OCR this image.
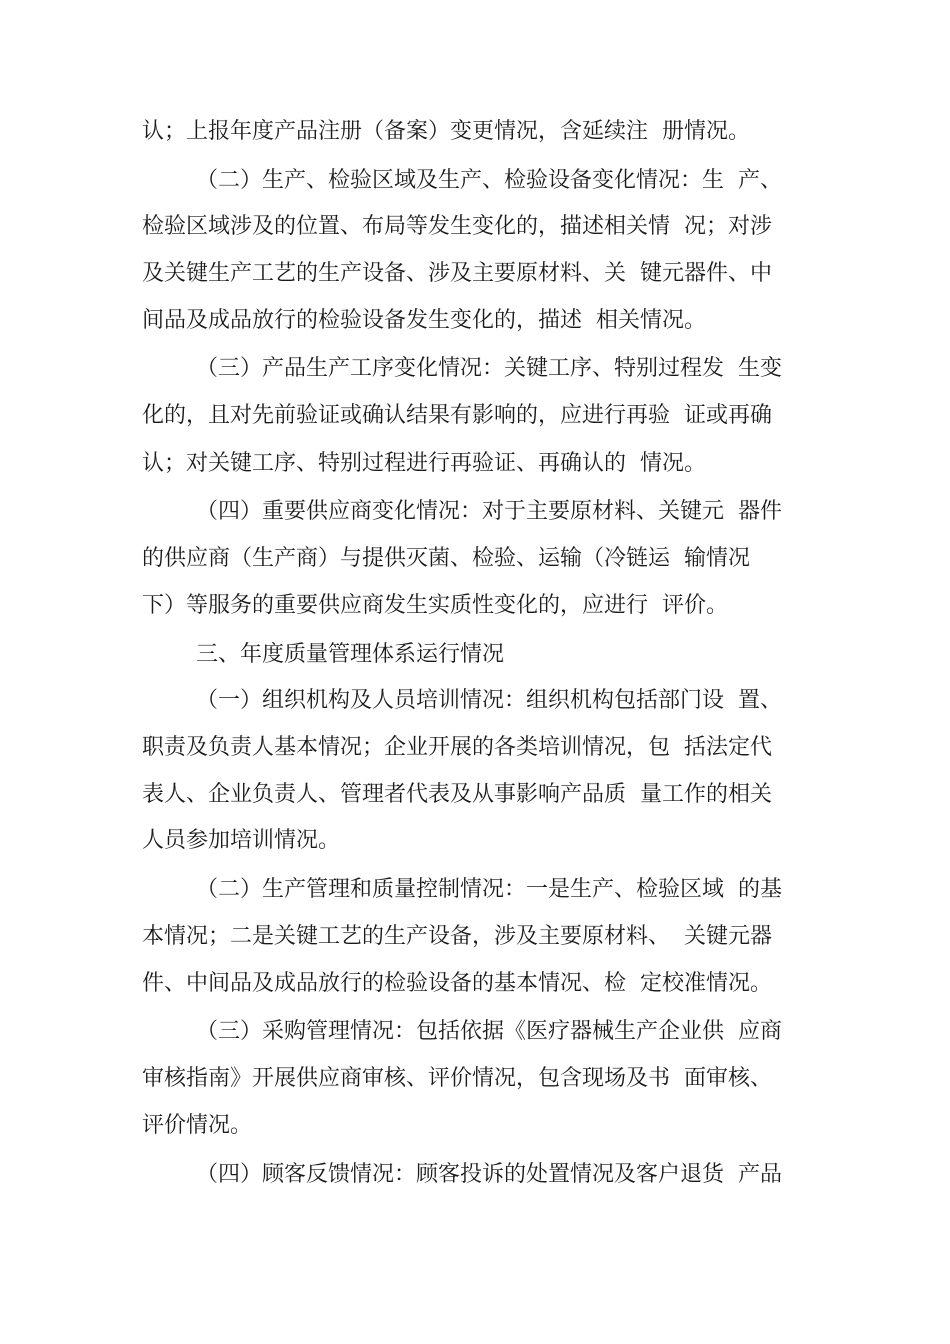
认；上报年度产品注册（备案）变更情况，含延续注  册情况。
（二）生产、检验区域及生产、检验设备变化情况：生  产、
检验区域涉及的位置、布局等发生变化的，描述相关情  况；对涉
及关键生产工艺的生产设备、涉及主要原材料、关  键元器件、中
间品及成品放行的检验设备发生变化的，描述  相关情况。
（三）产品生产工序变化情况：关键工序、特别过程发  生变
化的，且对先前验证或确认结果有影响的，应进行再验  证或再确
认；对关键工序、特别过程进行再验证、再确认的  情况。
（四）重要供应商变化情况：对于主要原材料、关键元  器件
的供应商（生产商）与提供灭菌、检验、运输（冷链运  输情况
下）等服务的重要供应商发生实质性变化的，应进行  评价。
三、年度质量管理体系运行情况
（一）组织机构及人员培训情况：组织机构包括部门设  置、
职责及负责人基本情况；企业开展的各类培训情况，包  括法定代
表人、企业负责人、管理者代表及从事影响产品质  量工作的相关
人员参加培训情况。
（二）生产管理和质量控制情况：一是生产、检验区域  的基
本情况；二是关键工艺的生产设备，涉及主要原材料、  关键元器
件、中间品及成品放行的检验设备的基本情况、检  定校准情况。
（三）采购管理情况：包括依据《医疗器械生产企业供  应商
审核指南》开展供应商审核、评价情况，包含现场及书  面审核、
评价情况。
（四）顾客反馈情况：顾客投诉的处置情况及客户退货  产品
